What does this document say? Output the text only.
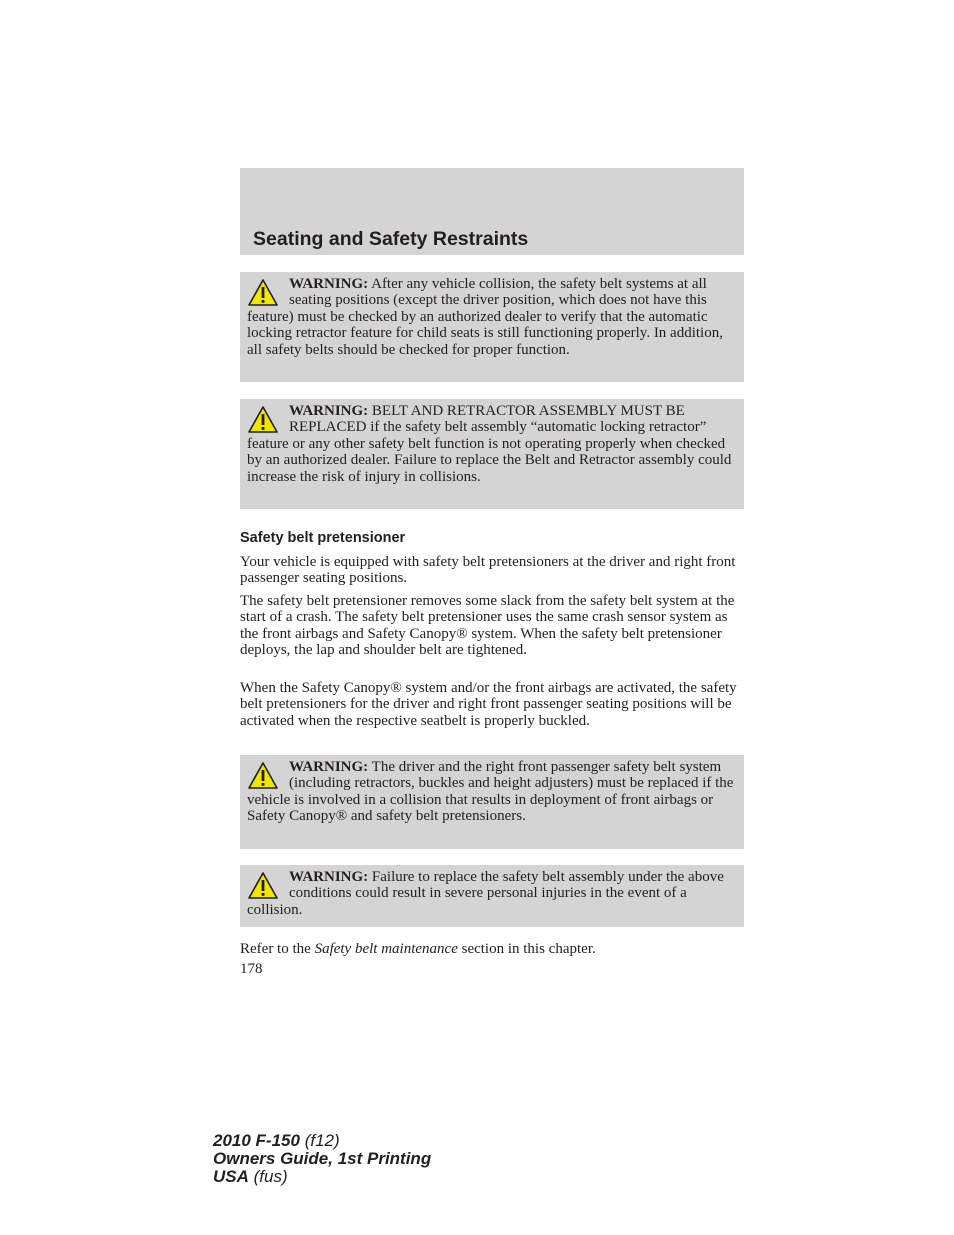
Seating and Safety Restraints

WARNING: After any vehicle collision, the safety belt systems at all seating positions (except the driver position, which does not have this feature) must be checked by an authorized dealer to verify that the automatic locking retractor feature for child seats is still functioning properly. In addition, all safety belts should be checked for proper function.

WARNING: BELT AND RETRACTOR ASSEMBLY MUST BE REPLACED if the safety belt assembly “automatic locking retractor” feature or any other safety belt function is not operating properly when checked by an authorized dealer. Failure to replace the Belt and Retractor assembly could increase the risk of injury in collisions.

Safety belt pretensioner

Your vehicle is equipped with safety belt pretensioners at the driver and right front passenger seating positions.

The safety belt pretensioner removes some slack from the safety belt system at the start of a crash. The safety belt pretensioner uses the same crash sensor system as the front airbags and Safety Canopy® system. When the safety belt pretensioner deploys, the lap and shoulder belt are tightened.

When the Safety Canopy® system and/or the front airbags are activated, the safety belt pretensioners for the driver and right front passenger seating positions will be activated when the respective seatbelt is properly buckled.

WARNING: The driver and the right front passenger safety belt system (including retractors, buckles and height adjusters) must be replaced if the vehicle is involved in a collision that results in deployment of front airbags or Safety Canopy® and safety belt pretensioners.

WARNING: Failure to replace the safety belt assembly under the above conditions could result in severe personal injuries in the event of a collision.

Refer to the Safety belt maintenance section in this chapter.

178

2010 F-150 (f12)
Owners Guide, 1st Printing
USA (fus)
